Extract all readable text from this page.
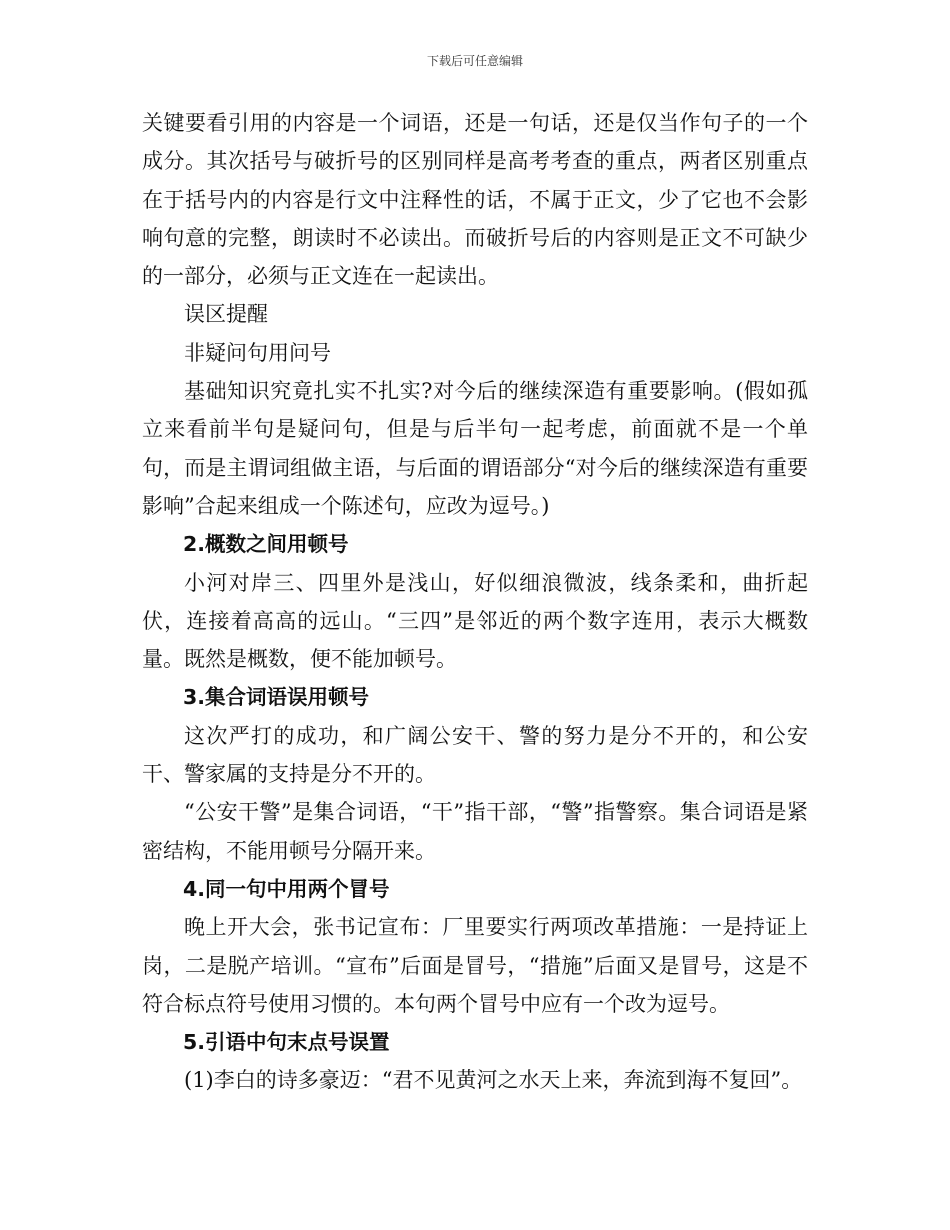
下载后可任意编辑

关键要看引用的内容是一个词语，还是一句话，还是仅当作句子的一个成分。其次括号与破折号的区别同样是高考考查的重点，两者区别重点在于括号内的内容是行文中注释性的话，不属于正文，少了它也不会影响句意的完整，朗读时不必读出。而破折号后的内容则是正文不可缺少的一部分，必须与正文连在一起读出。

误区提醒

非疑问句用问号

基础知识究竟扎实不扎实?对今后的继续深造有重要影响。(假如孤立来看前半句是疑问句，但是与后半句一起考虑，前面就不是一个单句，而是主谓词组做主语，与后面的谓语部分“对今后的继续深造有重要影响”合起来组成一个陈述句，应改为逗号。)

2.概数之间用顿号

小河对岸三、四里外是浅山，好似细浪微波，线条柔和，曲折起伏，连接着高高的远山。“三四”是邻近的两个数字连用，表示大概数量。既然是概数，便不能加顿号。

3.集合词语误用顿号

这次严打的成功，和广阔公安干、警的努力是分不开的，和公安干、警家属的支持是分不开的。

“公安干警”是集合词语，“干”指干部，“警”指警察。集合词语是紧密结构，不能用顿号分隔开来。

4.同一句中用两个冒号

晚上开大会，张书记宣布：厂里要实行两项改革措施：一是持证上岗，二是脱产培训。“宣布”后面是冒号，“措施”后面又是冒号，这是不符合标点符号使用习惯的。本句两个冒号中应有一个改为逗号。

5.引语中句末点号误置

(1)李白的诗多豪迈：“君不见黄河之水天上来，奔流到海不复回”。
